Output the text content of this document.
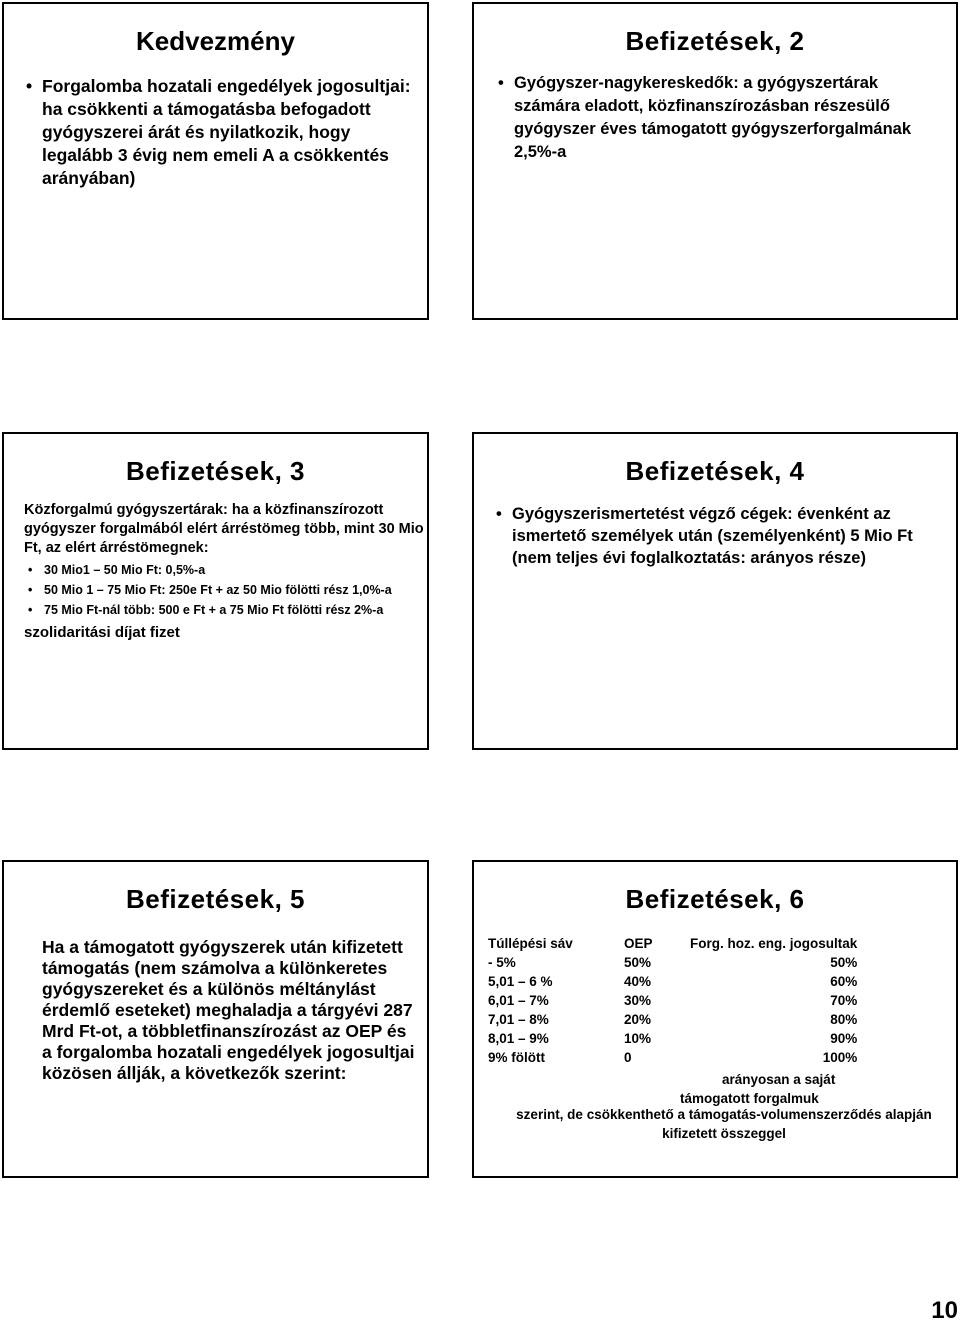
Kedvezmény
• Forgalomba hozatali engedélyek jogosultjai: ha csökkenti a támogatásba befogadott gyógyszerei árát és nyilatkozik, hogy legalább 3 évig nem emeli A a csökkentés arányában)
Befizetések, 2
• Gyógyszer-nagykereskedők: a gyógyszertárak számára eladott, közfinanszírozásban részesülő gyógyszer éves támogatott gyógyszerforgalmának 2,5%-a
Befizetések, 3

Közforgalmú gyógyszertárak: ha a közfinanszírozott gyógyszer forgalmából elért árréstömeg több, mint 30 Mio Ft, az elért árréstömegnek:

• 30 Mio1 – 50 Mio Ft: 0,5%-a
• 50 Mio 1 – 75 Mio Ft: 250e Ft + az 50 Mio fölötti rész 1,0%-a
• 75 Mio Ft-nál több: 500 e Ft + a 75 Mio Ft fölötti rész 2%-a

szolidaritási díjat fizet

Befizetések, 4
• Gyógyszerismertetést végző cégek: évenként az ismertető személyek után (személyenként) 5 Mio Ft (nem teljes évi foglalkoztatás: arányos része)
Befizetések, 5

Ha a támogatott gyógyszerek után kifizetett támogatás (nem számolva a különkeretes gyógyszereket és a különös méltánylást érdemlő eseteket) meghaladja a tárgyévi 287 Mrd Ft-ot, a többletfinanszírozást az OEP és a forgalomba hozatali engedélyek jogosultjai közösen állják, a következők szerint:

Befizetések, 6
Túllépési sáv	OEP	Forg. hoz. eng. jogosultak
- 5%	50%	50%
5,01 – 6 %	40%	60%
6,01 – 7%	30%	70%
7,01 – 8%	20%	80%
8,01 – 9%	10%	90%
9% fölött	0	100%
arányosan a saját
támogatott forgalmuk
szerint, de csökkenthető a támogatás-volumenszerződés alapján kifizetett összeggel
10
